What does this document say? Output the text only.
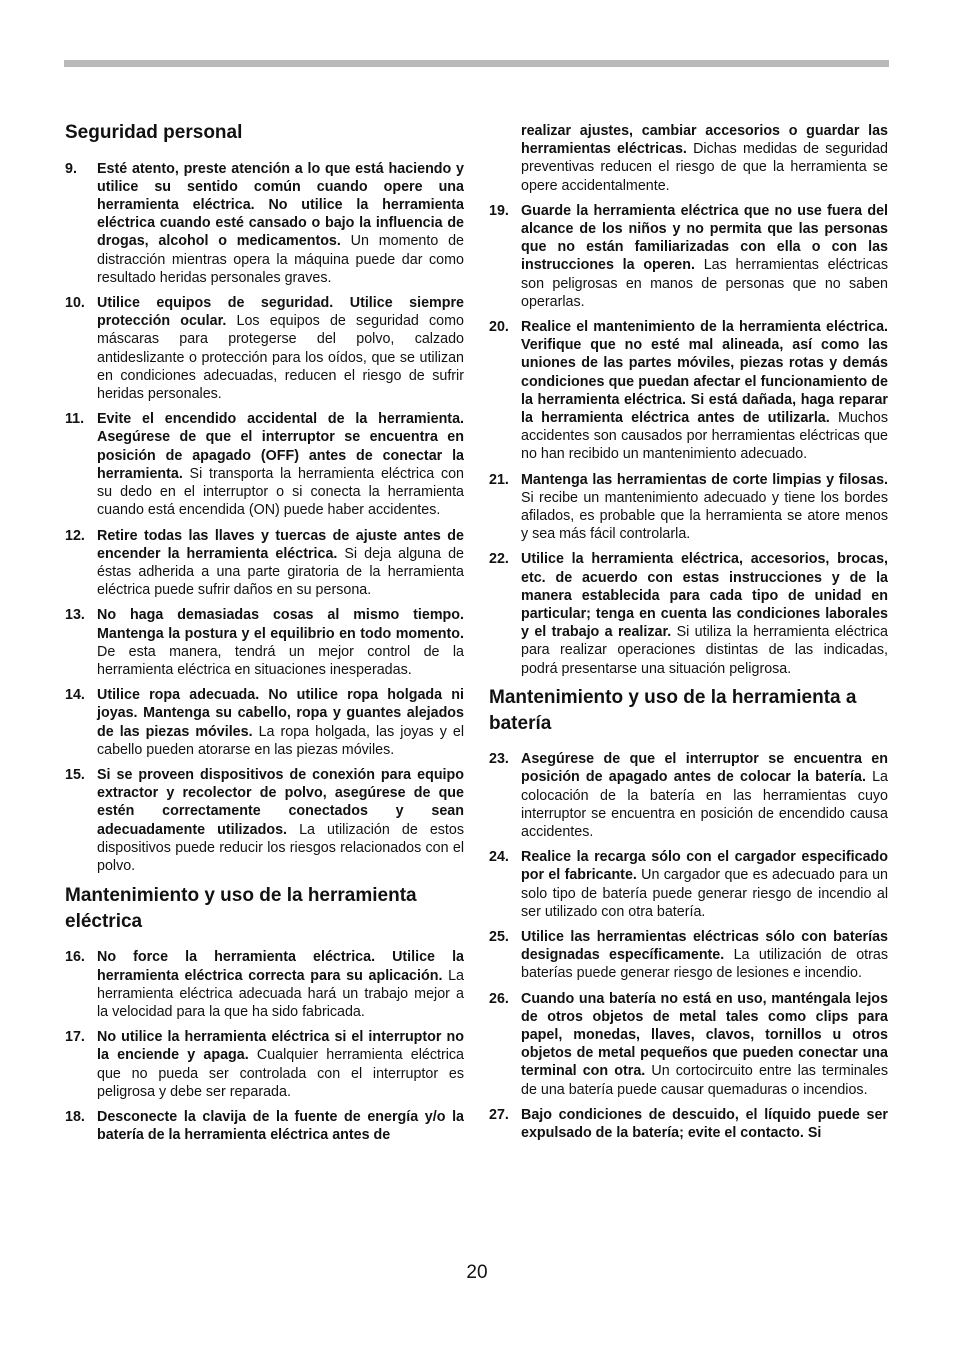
Seguridad personal
9.	Esté atento, preste atención a lo que está haciendo y utilice su sentido común cuando opere una herramienta eléctrica. No utilice la herramienta eléctrica cuando esté cansado o bajo la influencia de drogas, alcohol o medicamentos. Un momento de distracción mientras opera la máquina puede dar como resultado heridas personales graves.
10. Utilice equipos de seguridad. Utilice siempre protección ocular. Los equipos de seguridad como máscaras para protegerse del polvo, calzado antideslizante o protección para los oídos, que se utilizan en condiciones adecuadas, reducen el riesgo de sufrir heridas personales.
11. Evite el encendido accidental de la herramienta. Asegúrese de que el interruptor se encuentra en posición de apagado (OFF) antes de conectar la herramienta. Si transporta la herramienta eléctrica con su dedo en el interruptor o si conecta la herramienta cuando está encendida (ON) puede haber accidentes.
12. Retire todas las llaves y tuercas de ajuste antes de encender la herramienta eléctrica. Si deja alguna de éstas adherida a una parte giratoria de la herramienta eléctrica puede sufrir daños en su persona.
13. No haga demasiadas cosas al mismo tiempo. Mantenga la postura y el equilibrio en todo momento. De esta manera, tendrá un mejor control de la herramienta eléctrica en situaciones inesperadas.
14. Utilice ropa adecuada. No utilice ropa holgada ni joyas. Mantenga su cabello, ropa y guantes alejados de las piezas móviles. La ropa holgada, las joyas y el cabello pueden atorarse en las piezas móviles.
15. Si se proveen dispositivos de conexión para equipo extractor y recolector de polvo, asegúrese de que estén correctamente conectados y sean adecuadamente utilizados. La utilización de estos dispositivos puede reducir los riesgos relacionados con el polvo.
Mantenimiento y uso de la herramienta eléctrica
16. No force la herramienta eléctrica. Utilice la herramienta eléctrica correcta para su aplicación. La herramienta eléctrica adecuada hará un trabajo mejor a la velocidad para la que ha sido fabricada.
17. No utilice la herramienta eléctrica si el interruptor no la enciende y apaga. Cualquier herramienta eléctrica que no pueda ser controlada con el interruptor es peligrosa y debe ser reparada.
18. Desconecte la clavija de la fuente de energía y/o la batería de la herramienta eléctrica antes de
realizar ajustes, cambiar accesorios o guardar las herramientas eléctricas. Dichas medidas de seguridad preventivas reducen el riesgo de que la herramienta se opere accidentalmente.
19. Guarde la herramienta eléctrica que no use fuera del alcance de los niños y no permita que las personas que no están familiarizadas con ella o con las instrucciones la operen. Las herramientas eléctricas son peligrosas en manos de personas que no saben operarlas.
20. Realice el mantenimiento de la herramienta eléctrica. Verifique que no esté mal alineada, así como las uniones de las partes móviles, piezas rotas y demás condiciones que puedan afectar el funcionamiento de la herramienta eléctrica. Si está dañada, haga reparar la herramienta eléctrica antes de utilizarla. Muchos accidentes son causados por herramientas eléctricas que no han recibido un mantenimiento adecuado.
21. Mantenga las herramientas de corte limpias y filosas. Si recibe un mantenimiento adecuado y tiene los bordes afilados, es probable que la herramienta se atore menos y sea más fácil controlarla.
22. Utilice la herramienta eléctrica, accesorios, brocas, etc. de acuerdo con estas instrucciones y de la manera establecida para cada tipo de unidad en particular; tenga en cuenta las condiciones laborales y el trabajo a realizar. Si utiliza la herramienta eléctrica para realizar operaciones distintas de las indicadas, podrá presentarse una situación peligrosa.
Mantenimiento y uso de la herramienta a batería
23. Asegúrese de que el interruptor se encuentra en posición de apagado antes de colocar la batería. La colocación de la batería en las herramientas cuyo interruptor se encuentra en posición de encendido causa accidentes.
24. Realice la recarga sólo con el cargador especificado por el fabricante. Un cargador que es adecuado para un solo tipo de batería puede generar riesgo de incendio al ser utilizado con otra batería.
25. Utilice las herramientas eléctricas sólo con baterías designadas específicamente. La utilización de otras baterías puede generar riesgo de lesiones e incendio.
26. Cuando una batería no está en uso, manténgala lejos de otros objetos de metal tales como clips para papel, monedas, llaves, clavos, tornillos u otros objetos de metal pequeños que pueden conectar una terminal con otra. Un cortocircuito entre las terminales de una batería puede causar quemaduras o incendios.
27. Bajo condiciones de descuido, el líquido puede ser expulsado de la batería; evite el contacto. Si
20
